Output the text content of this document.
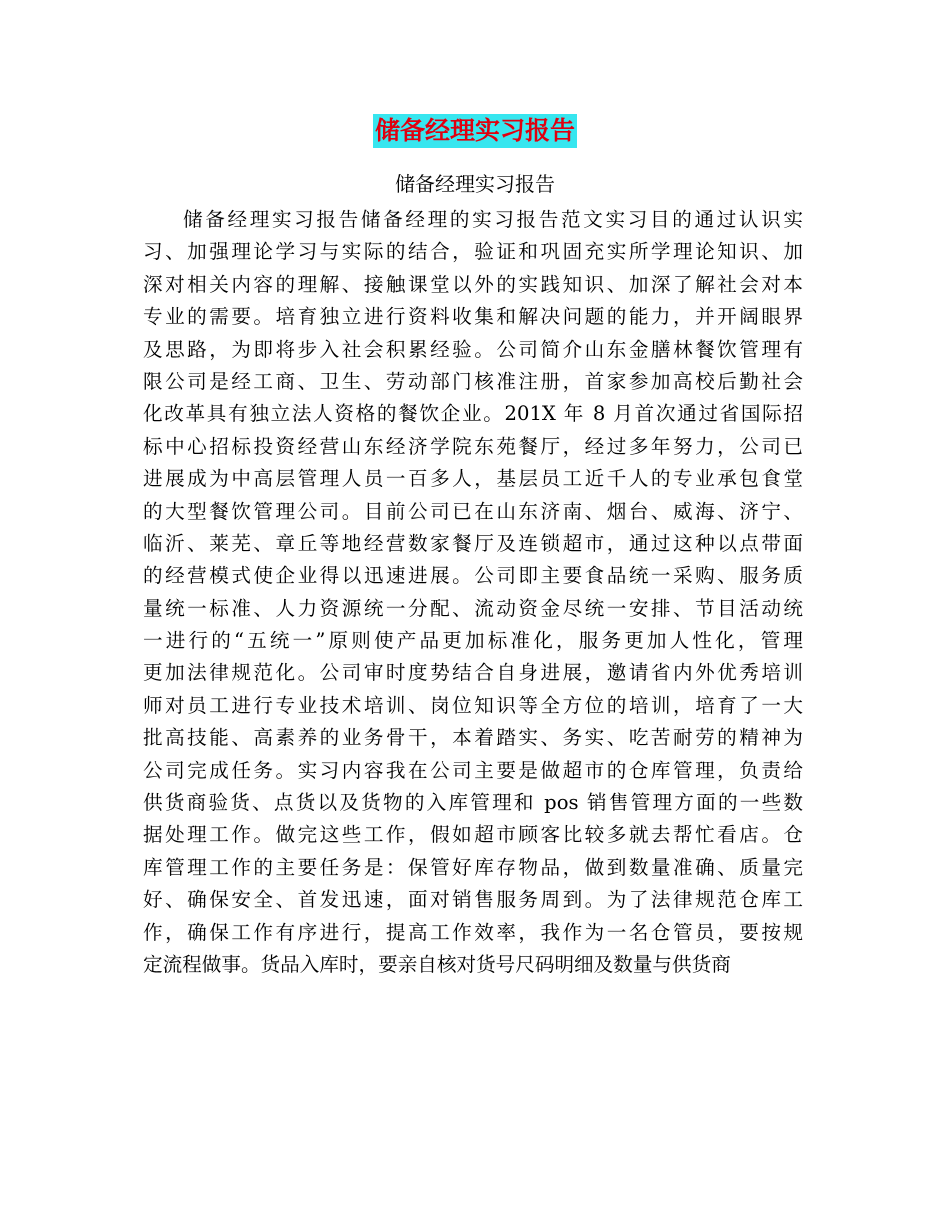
储备经理实习报告
储备经理实习报告
储备经理实习报告储备经理的实习报告范文实习目的通过认识实
习、加强理论学习与实际的结合，验证和巩固充实所学理论知识、加
深对相关内容的理解、接触课堂以外的实践知识、加深了解社会对本
专业的需要。培育独立进行资料收集和解决问题的能力，并开阔眼界
及思路，为即将步入社会积累经验。公司简介山东金膳林餐饮管理有
限公司是经工商、卫生、劳动部门核准注册，首家参加高校后勤社会
化改革具有独立法人资格的餐饮企业。201X 年 8 月首次通过省国际招
标中心招标投资经营山东经济学院东苑餐厅，经过多年努力，公司已
进展成为中高层管理人员一百多人，基层员工近千人的专业承包食堂
的大型餐饮管理公司。目前公司已在山东济南、烟台、威海、济宁、
临沂、莱芜、章丘等地经营数家餐厅及连锁超市，通过这种以点带面
的经营模式使企业得以迅速进展。公司即主要食品统一采购、服务质
量统一标准、人力资源统一分配、流动资金尽统一安排、节目活动统
一进行的“五统一”原则使产品更加标准化，服务更加人性化，管理
更加法律规范化。公司审时度势结合自身进展，邀请省内外优秀培训
师对员工进行专业技术培训、岗位知识等全方位的培训，培育了一大
批高技能、高素养的业务骨干，本着踏实、务实、吃苦耐劳的精神为
公司完成任务。实习内容我在公司主要是做超市的仓库管理，负责给
供货商验货、点货以及货物的入库管理和 pos 销售管理方面的一些数
据处理工作。做完这些工作，假如超市顾客比较多就去帮忙看店。仓
库管理工作的主要任务是：保管好库存物品，做到数量准确、质量完
好、确保安全、首发迅速，面对销售服务周到。为了法律规范仓库工
作，确保工作有序进行，提高工作效率，我作为一名仓管员，要按规
定流程做事。货品入库时，要亲自核对货号尺码明细及数量与供货商
